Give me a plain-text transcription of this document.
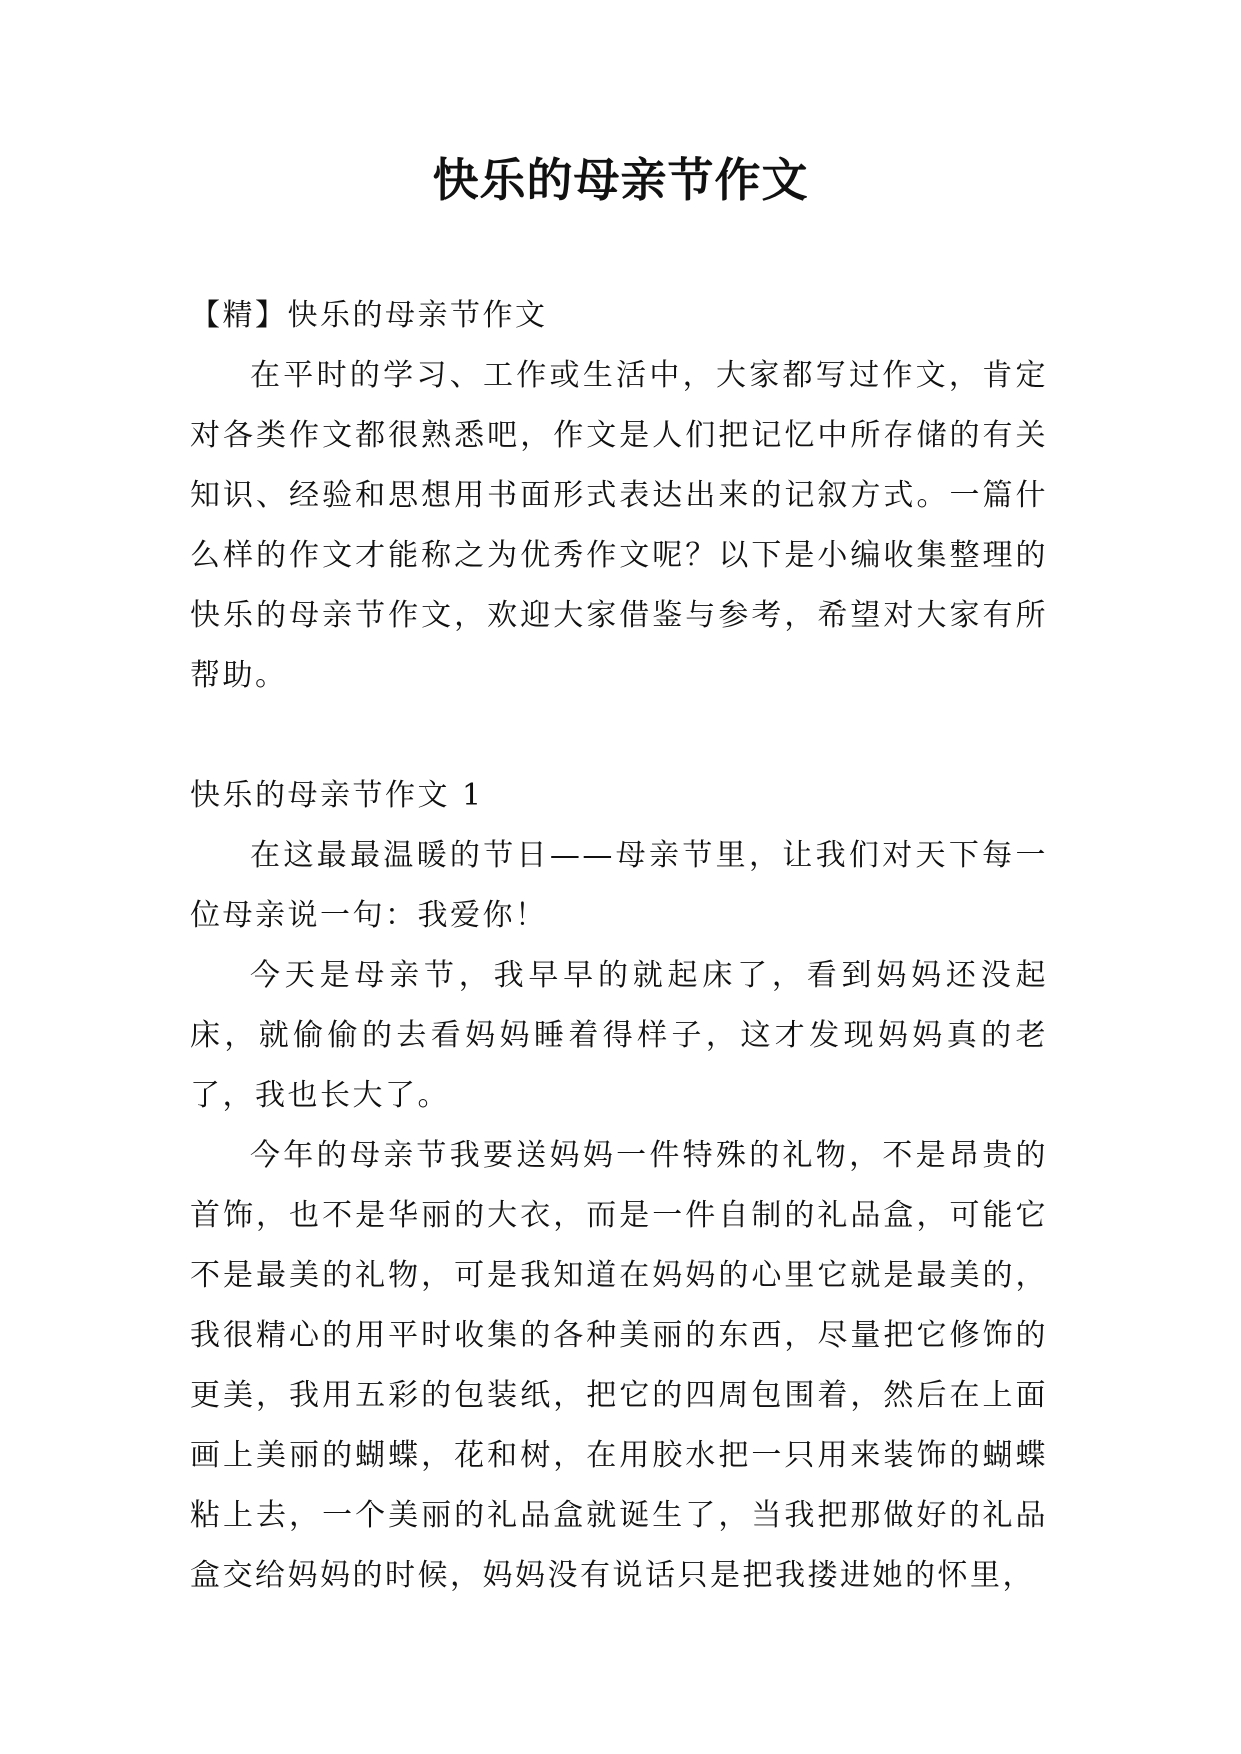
快乐的母亲节作文

【精】快乐的母亲节作文

在平时的学习、工作或生活中，大家都写过作文，肯定对各类作文都很熟悉吧，作文是人们把记忆中所存储的有关知识、经验和思想用书面形式表达出来的记叙方式。一篇什么样的作文才能称之为优秀作文呢？以下是小编收集整理的快乐的母亲节作文，欢迎大家借鉴与参考，希望对大家有所帮助。

快乐的母亲节作文 1

在这最最温暖的节日——母亲节里，让我们对天下每一位母亲说一句：我爱你！

今天是母亲节，我早早的就起床了，看到妈妈还没起床，就偷偷的去看妈妈睡着得样子，这才发现妈妈真的老了，我也长大了。

今年的母亲节我要送妈妈一件特殊的礼物，不是昂贵的首饰，也不是华丽的大衣，而是一件自制的礼品盒，可能它不是最美的礼物，可是我知道在妈妈的心里它就是最美的，我很精心的用平时收集的各种美丽的东西，尽量把它修饰的更美，我用五彩的包装纸，把它的四周包围着，然后在上面画上美丽的蝴蝶，花和树，在用胶水把一只用来装饰的蝴蝶粘上去，一个美丽的礼品盒就诞生了，当我把那做好的礼品盒交给妈妈的时候，妈妈没有说话只是把我搂进她的怀里，
